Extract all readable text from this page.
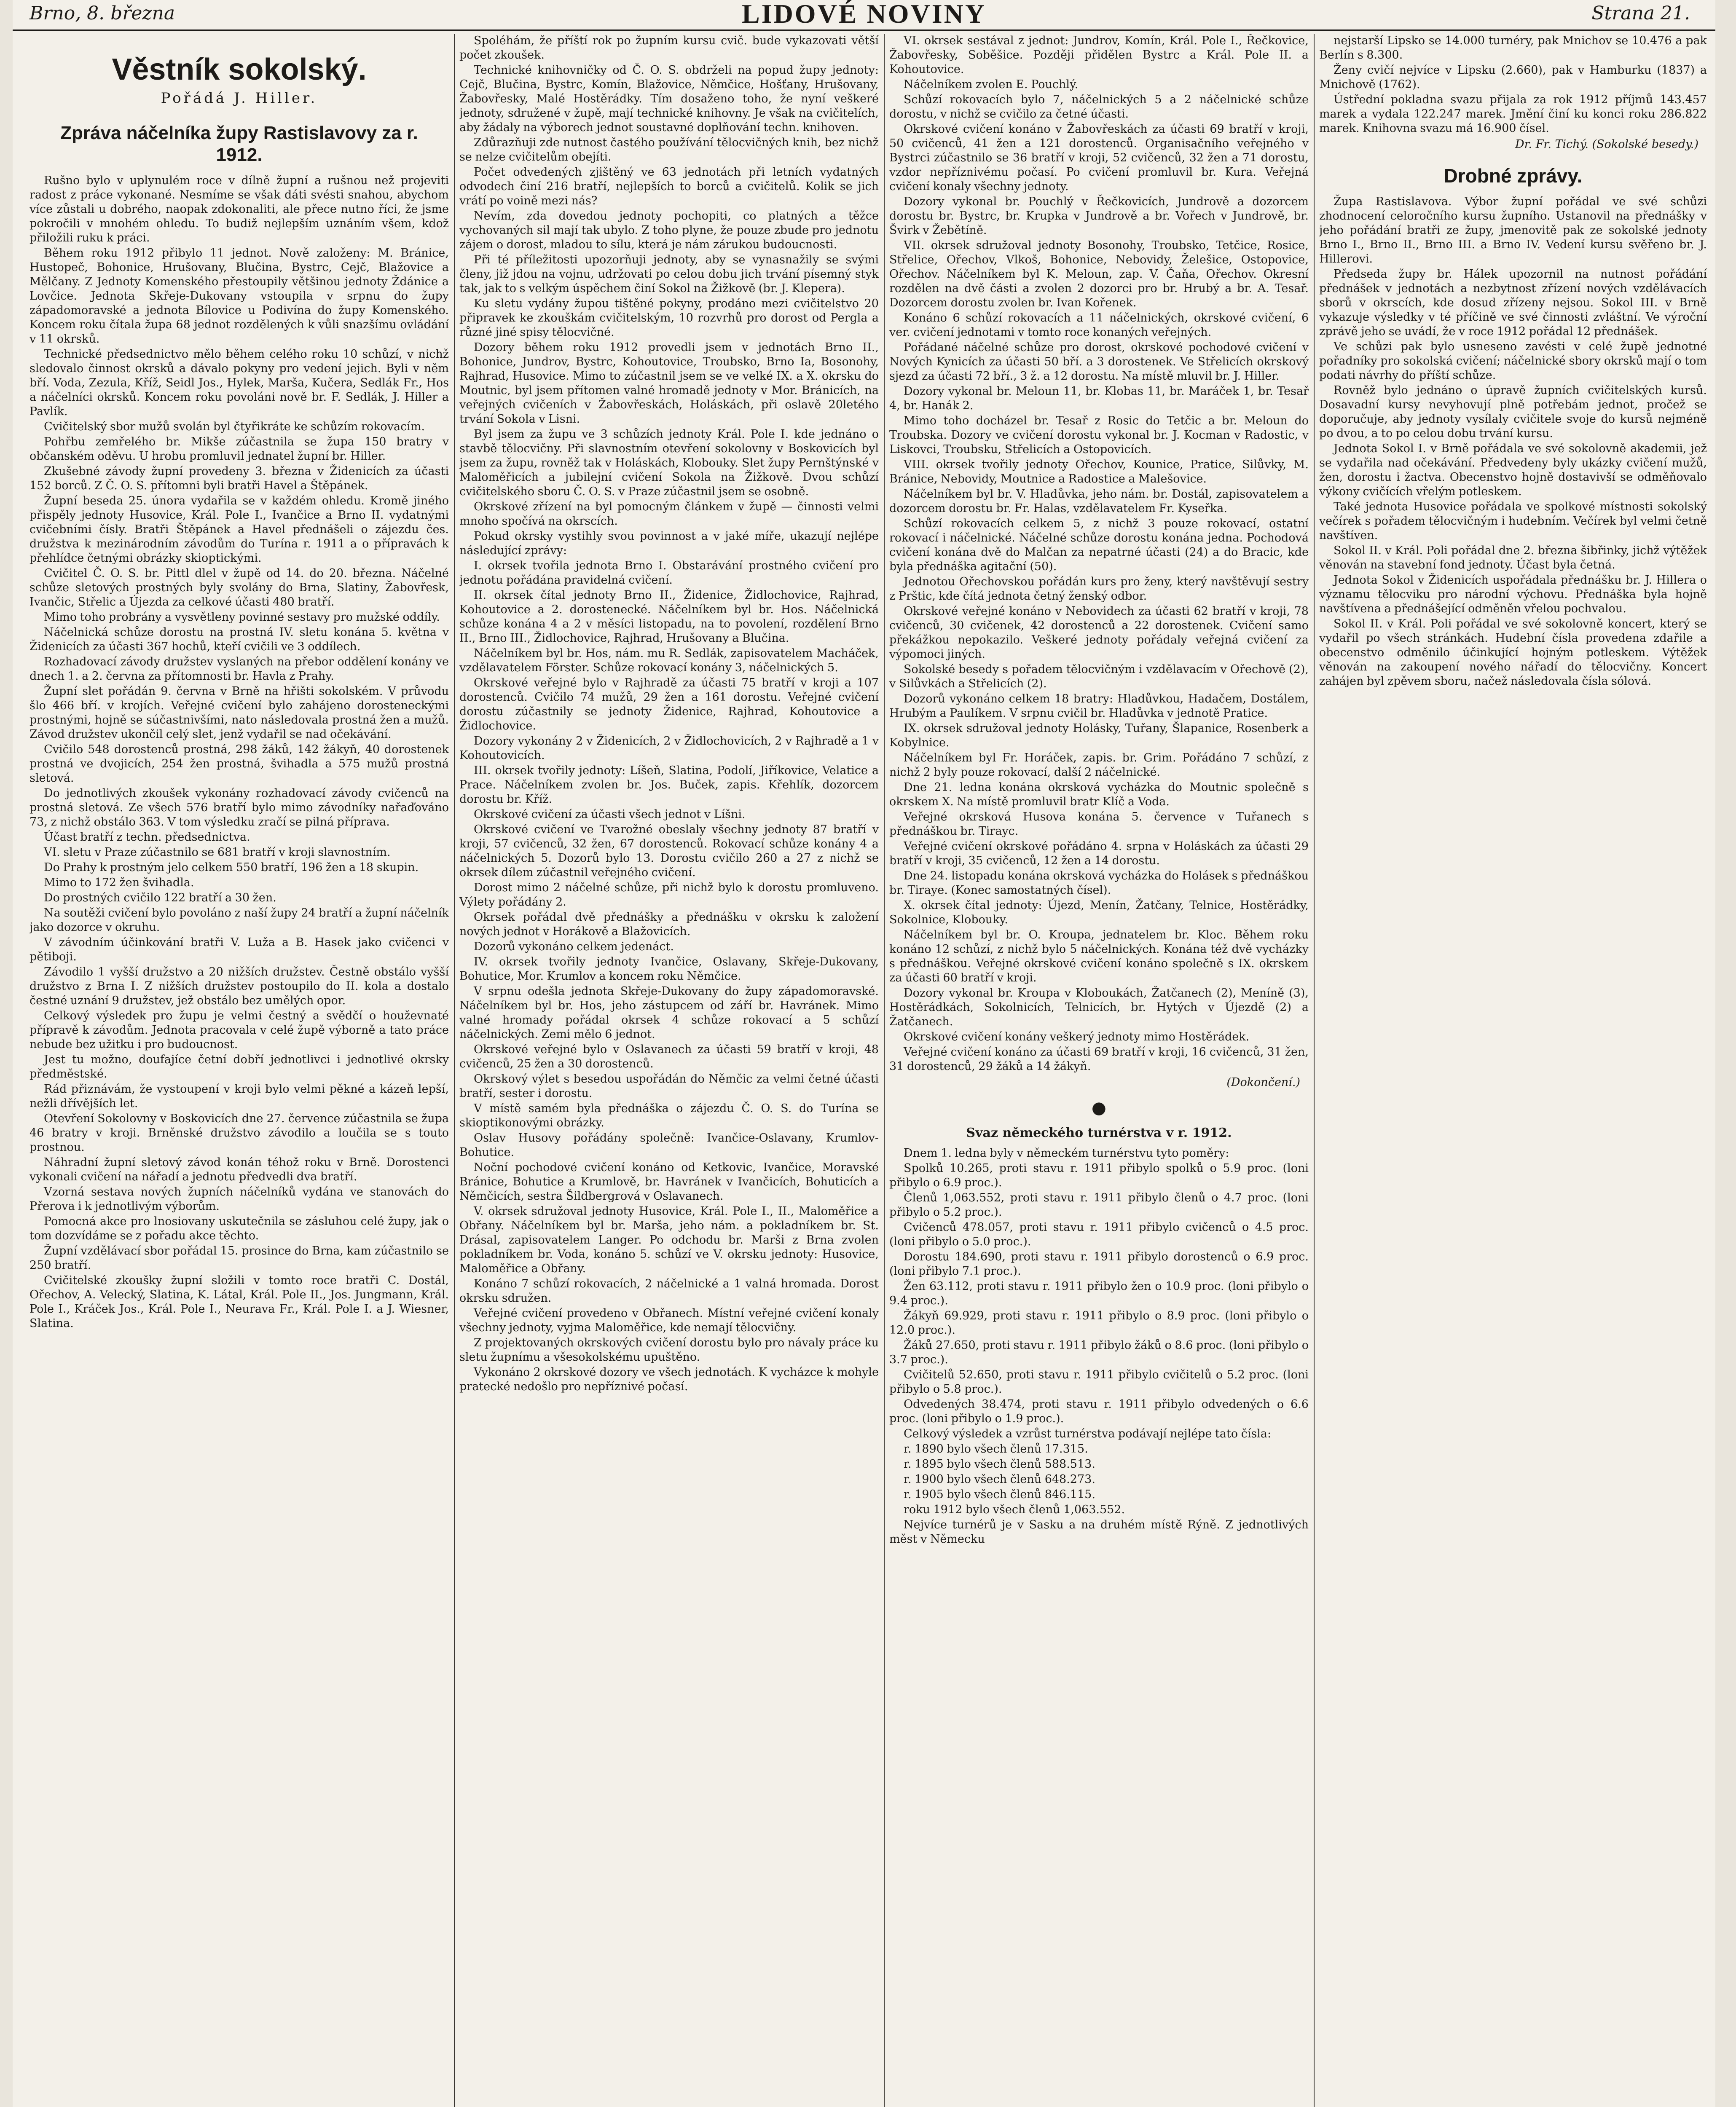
Brno, 8. března	LIDOVÉ NOVINY	Strana 21.
Věstník sokolský.
Pořádá J. Hiller.
Zpráva náčelníka župy Rastislavovy za r. 1912.

Rušno bylo v uplynulém roce v dílně župní a rušnou než projeviti radost z práce vykonané. Nesmíme se však dáti svésti snahou, abychom více zůstali u dobrého, naopak zdokonaliti, ale přece nutno říci, že jsme pokročili v mnohém ohledu. To budiž nejlepším uznáním všem, kdož přiložili ruku k práci.

Během roku 1912 přibylo 11 jednot. Nově založeny: M. Bránice, Hustopeč, Bohonice, Hrušovany, Blučina, Bystrc, Cejč, Blažovice a Mělčany. Z Jednoty Komenského přestoupily většinou jednoty Ždánice a Lovčice. Jednota Skřeje-Dukovany vstoupila v srpnu do župy západomoravské a jednota Bílovice u Podivína do župy Komenského. Koncem roku čítala župa 68 jednot rozdělených k vůli snazšímu ovládání v 11 okrsků.

Technické předsednictvo mělo během celého roku 10 schůzí, v nichž sledovalo činnost okrsků a dávalo pokyny pro vedení jejich. Byli v něm bří. Voda, Zezula, Kříž, Seidl Jos., Hylek, Marša, Kučera, Sedlák Fr., Hos a náčelníci okrsků. Koncem roku povoláni nově br. F. Sedlák, J. Hiller a Pavlík.

Cvičitelský sbor mužů svolán byl čtyřikráte ke schůzím rokovacím.

Pohřbu zemřelého br. Mikše zúčastnila se župa 150 bratry v občanském oděvu. U hrobu promluvil jednatel župní br. Hiller.

Zkušebné závody župní provedeny 3. března v Židenicích za účasti 152 borců. Z Č. O. S. přítomni byli bratři Havel a Štěpánek.

Župní beseda 25. února vydařila se v každém ohledu. Kromě jiného přispěly jednoty Husovice, Král. Pole I., Ivančice a Brno II. vydatnými cvičebními čísly. Bratři Štěpánek a Havel přednášeli o zájezdu čes. družstva k mezinárodním závodům do Turína r. 1911 a o přípravách k přehlídce četnými obrázky skioptickými.

Cvičitel Č. O. S. br. Pittl dlel v župě od 14. do 20. března. Náčelné schůze sletových prostných byly svolány do Brna, Slatiny, Žabovřesk, Ivančic, Střelic a Újezda za celkové účasti 480 bratří.

Mimo toho probrány a vysvětleny povinné sestavy pro mužské oddíly.

Náčelnická schůze dorostu na prostná IV. sletu konána 5. května v Židenicích za účasti 367 hochů, kteří cvičili ve 3 oddílech.

Rozhadovací závody družstev vyslaných na přebor oddělení konány ve dnech 1. a 2. června za přítomnosti br. Havla z Prahy.

Župní slet pořádán 9. června v Brně na hřišti sokolském. V průvodu šlo 466 bří. v krojích. Veřejné cvičení bylo zahájeno dorosteneckými prostnými, hojně se súčastnivšími, nato následovala prostná žen a mužů. Závod družstev ukončil celý slet, jenž vydařil se nad očekávání.

Cvičilo 548 dorostenců prostná, 298 žáků, 142 žákyň, 40 dorostenek prostná ve dvojicích, 254 žen prostná, švihadla a 575 mužů prostná sletová.

Do jednotlivých zkoušek vykonány rozhadovací závody cvičenců na prostná sletová. Ze všech 576 bratří bylo mimo závodníky nařaďováno 73, z nichž obstálo 363. V tom výsledku zračí se pilná příprava.

Účast bratří z techn. předsednictva.

VI. sletu v Praze zúčastnilo se 681 bratří v kroji slavnostním.

Do Prahy k prostným jelo celkem 550 bratří, 196 žen a 18 skupin.

Mimo to 172 žen švihadla.

Do prostných cvičilo 122 bratří a 30 žen.

Na soutěži cvičení bylo povoláno z naší župy 24 bratří a župní náčelník jako dozorce v okruhu.

V závodním účinkování bratři V. Luža a B. Hasek jako cvičenci v pětiboji.

Závodilo 1 vyšší družstvo a 20 nižších družstev. Čestně obstálo vyšší družstvo z Brna I. Z nižších družstev postoupilo do II. kola a dostalo čestné uznání 9 družstev, jež obstálo bez umělých opor.

Celkový výsledek pro župu je velmi čestný a svědčí o houževnaté přípravě k závodům. Jednota pracovala v celé župě výborně a tato práce nebude bez užitku i pro budoucnost.

Jest tu možno, doufajíce četní dobří jednotlivci i jednotlivé okrsky předměstské.

Rád přiznávám, že vystoupení v kroji bylo velmi pěkné a kázeň lepší, nežli dřívějších let.

Otevření Sokolovny v Boskovicích dne 27. července zúčastnila se župa 46 bratry v kroji. Brněnské družstvo závodilo a loučila se s touto prostnou.

Náhradní župní sletový závod konán téhož roku v Brně. Dorostenci vykonali cvičení na nářadí a jednotu předvedli dva bratří.

Vzorná sestava nových župních náčelníků vydána ve stanovách do Přerova i k jednotlivým výborům.

Pomocná akce pro lnosiovany uskutečnila se zásluhou celé župy, jak o tom dozvídáme se z pořadu akce těchto.

Župní vzdělávací sbor pořádal 15. prosince do Brna, kam zúčastnilo se 250 bratří.

Cvičitelské zkoušky župní složili v tomto roce bratři C. Dostál, Ořechov, A. Velecký, Slatina, K. Látal, Král. Pole II., Jos. Jungmann, Král. Pole I., Kráček Jos., Král. Pole I., Neurava Fr., Král. Pole I. a J. Wiesner, Slatina.

Spoléhám, že příští rok po župním kursu cvič. bude vykazovati větší počet zkoušek.

Technické knihovničky od Č. O. S. obdrželi na popud župy jednoty: Cejč, Blučina, Bystrc, Komín, Blažovice, Němčice, Hošťany, Hrušovany, Žabovřesky, Malé Hostěrádky. Tím dosaženo toho, že nyní veškeré jednoty, sdružené v župě, mají technické knihovny. Je však na cvičitelích, aby žádaly na výborech jednot soustavné doplňování techn. knihoven.

Zdůrazňuji zde nutnost častého používání tělocvičných knih, bez nichž se nelze cvičitelům obejíti.

Počet odvedených zjištěný ve 63 jednotách při letních vydatných odvodech činí 216 bratří, nejlepších to borců a cvičitelů. Kolik se jich vrátí po voině mezi nás?

Nevím, zda dovedou jednoty pochopiti, co platných a těžce vychovaných sil mají tak ubylo. Z toho plyne, že pouze zbude pro jednotu zájem o dorost, mladou to sílu, která je nám zárukou budoucnosti.

Při té příležitosti upozorňuji jednoty, aby se vynasnažily se svými členy, již jdou na vojnu, udržovati po celou dobu jich trvání písemný styk tak, jak to s velkým úspěchem činí Sokol na Žižkově (br. J. Klepera).

Ku sletu vydány župou tištěné pokyny, prodáno mezi cvičitelstvo 20 připravek ke zkouškám cvičitelským, 10 rozvrhů pro dorost od Pergla a různé jiné spisy tělocvičné.

Dozory během roku 1912 provedli jsem v jednotách Brno II., Bohonice, Jundrov, Bystrc, Kohoutovice, Troubsko, Brno Ia, Bosonohy, Rajhrad, Husovice. Mimo to zúčastnil jsem se ve velké IX. a X. okrsku do Moutnic, byl jsem přítomen valné hromadě jednoty v Mor. Bránicích, na veřejných cvičeních v Žabovřeskách, Holáskách, při oslavě 20letého trvání Sokola v Lisni.

Byl jsem za župu ve 3 schůzích jednoty Král. Pole I. kde jednáno o stavbě tělocvičny. Při slavnostním otevření sokolovny v Boskovicích byl jsem za župu, rovněž tak v Holáskách, Klobouky. Slet župy Pernštýnské v Maloměřicích a jubilejní cvičení Sokola na Žižkově. Dvou schůzí cvičitelského sboru Č. O. S. v Praze zúčastnil jsem se osobně.

Okrskové zřízení na byl pomocným článkem v župě — činnosti velmi mnoho spočívá na okrscích.

Pokud okrsky vystihly svou povinnost a v jaké míře, ukazují nejlépe následující zprávy:

I. okrsek tvořila jednota Brno I. Obstarávání prostného cvičení pro jednotu pořádána pravidelná cvičení.

II. okrsek čítal jednoty Brno II., Židenice, Židlochovice, Rajhrad, Kohoutovice a 2. dorostenecké. Náčelníkem byl br. Hos. Náčelnická schůze konána 4 a 2 v měsíci listopadu, na to povolení, rozdělení Brno II., Brno III., Židlochovice, Rajhrad, Hrušovany a Blučina.

Náčelníkem byl br. Hos, nám. mu R. Sedlák, zapisovatelem Macháček, vzdělavatelem Förster. Schůze rokovací konány 3, náčelnických 5.

Okrskové veřejné bylo v Rajhradě za účasti 75 bratří v kroji a 107 dorostenců. Cvičilo 74 mužů, 29 žen a 161 dorostu. Veřejné cvičení dorostu zúčastnily se jednoty Židenice, Rajhrad, Kohoutovice a Židlochovice.

Dozory vykonány 2 v Židenicích, 2 v Židlochovicích, 2 v Rajhradě a 1 v Kohoutovicích.

III. okrsek tvořily jednoty: Líšeň, Slatina, Podolí, Jiříkovice, Velatice a Prace. Náčelníkem zvolen br. Jos. Buček, zapis. Křehlík, dozorcem dorostu br. Kříž.

Okrskové cvičení za účasti všech jednot v Líšni.

Okrskové cvičení ve Tvarožné obeslaly všechny jednoty 87 bratří v kroji, 57 cvičenců, 32 žen, 67 dorostenců. Rokovací schůze konány 4 a náčelnických 5. Dozorů bylo 13. Dorostu cvičilo 260 a 27 z nichž se okrsek dílem zúčastnil veřejného cvičení.

Dorost mimo 2 náčelné schůze, při nichž bylo k dorostu promluveno. Výlety pořádány 2.

Okrsek pořádal dvě přednášky a přednášku v okrsku k založení nových jednot v Horákově a Blažovicích.

Dozorů vykonáno celkem jedenáct.

IV. okrsek tvořily jednoty Ivančice, Oslavany, Skřeje-Dukovany, Bohutice, Mor. Krumlov a koncem roku Němčice.

V srpnu odešla jednota Skřeje-Dukovany do župy západomoravské. Náčelníkem byl br. Hos, jeho zástupcem od září br. Havránek. Mimo valné hromady pořádal okrsek 4 schůze rokovací a 5 schůzí náčelnických. Zemi mělo 6 jednot.

Okrskové veřejné bylo v Oslavanech za účasti 59 bratří v kroji, 48 cvičenců, 25 žen a 30 dorostenců.

Okrskový výlet s besedou uspořádán do Němčic za velmi četné účasti bratří, sester i dorostu.

V místě samém byla přednáška o zájezdu Č. O. S. do Turína se skioptikonovými obrázky.

Oslav Husovy pořádány společně: Ivančice-Oslavany, Krumlov-Bohutice.

Noční pochodové cvičení konáno od Ketkovic, Ivančice, Moravské Bránice, Bohutice a Krumlově, br. Havránek v Ivančicích, Bohuticích a Němčicích, sestra Šildbergrová v Oslavanech.

V. okrsek sdružoval jednoty Husovice, Král. Pole I., II., Maloměřice a Obřany. Náčelníkem byl br. Marša, jeho nám. a pokladníkem br. St. Drásal, zapisovatelem Langer. Po odchodu br. Marši z Brna zvolen pokladníkem br. Voda, konáno 5. schůzí ve V. okrsku jednoty: Husovice, Maloměřice a Obřany.

Konáno 7 schůzí rokovacích, 2 náčelnické a 1 valná hromada. Dorost okrsku sdružen.

Veřejné cvičení provedeno v Obřanech. Místní veřejné cvičení konaly všechny jednoty, vyjma Maloměřice, kde nemají tělocvičny.

Z projektovaných okrskových cvičení dorostu bylo pro návaly práce ku sletu župnímu a všesokolskému upuštěno.

Vykonáno 2 okrskové dozory ve všech jednotách. K vycházce k mohyle pratecké nedošlo pro nepříznivé počasí.

VI. okrsek sestával z jednot: Jundrov, Komín, Král. Pole I., Řečkovice, Žabovřesky, Soběšice. Později přidělen Bystrc a Král. Pole II. a Kohoutovice.

Náčelníkem zvolen E. Pouchlý.

Schůzí rokovacích bylo 7, náčelnických 5 a 2 náčelnické schůze dorostu, v nichž se cvičilo za četné účasti.

Okrskové cvičení konáno v Žabovřeskách za účasti 69 bratří v kroji, 50 cvičenců, 41 žen a 121 dorostenců. Organisačního veřejného v Bystrci zúčastnilo se 36 bratří v kroji, 52 cvičenců, 32 žen a 71 dorostu, vzdor nepříznivému počasí. Po cvičení promluvil br. Kura. Veřejná cvičení konaly všechny jednoty.

Dozory vykonal br. Pouchlý v Řečkovicích, Jundrově a dozorcem dorostu br. Bystrc, br. Krupka v Jundrově a br. Vořech v Jundrově, br. Švirk v Žebětíně.

VII. okrsek sdružoval jednoty Bosonohy, Troubsko, Tetčice, Rosice, Střelice, Ořechov, Vlkoš, Bohonice, Nebovidy, Želešice, Ostopovice, Ořechov. Náčelníkem byl K. Meloun, zap. V. Čaňa, Ořechov. Okresní rozdělen na dvě části a zvolen 2 dozorci pro br. Hrubý a br. A. Tesař. Dozorcem dorostu zvolen br. Ivan Kořenek.

Konáno 6 schůzí rokovacích a 11 náčelnických, okrskové cvičení, 6 ver. cvičení jednotami v tomto roce konaných veřejných.

Pořádané náčelné schůze pro dorost, okrskové pochodové cvičení v Nových Kynicích za účasti 50 bří. a 3 dorostenek. Ve Střelicích okrskový sjezd za účasti 72 bří., 3 ž. a 12 dorostu. Na místě mluvil br. J. Hiller.

Dozory vykonal br. Meloun 11, br. Klobas 11, br. Maráček 1, br. Tesař 4, br. Hanák 2.

Mimo toho docházel br. Tesař z Rosic do Tetčic a br. Meloun do Troubska. Dozory ve cvičení dorostu vykonal br. J. Kocman v Radostic, v Liskovci, Troubsku, Střelicích a Ostopovicích.

VIII. okrsek tvořily jednoty Ořechov, Kounice, Pratice, Silůvky, M. Bránice, Nebovidy, Moutnice a Radostice a Malešovice.

Náčelníkem byl br. V. Hladůvka, jeho nám. br. Dostál, zapisovatelem a dozorcem dorostu br. Fr. Halas, vzdělavatelem Fr. Kyseřka.

Schůzí rokovacích celkem 5, z nichž 3 pouze rokovací, ostatní rokovací i náčelnické. Náčelné schůze dorostu konána jedna. Pochodová cvičení konána dvě do Malčan za nepatrné účasti (24) a do Bracic, kde byla přednáška agitační (50).

Jednotou Ořechovskou pořádán kurs pro ženy, který navštěvují sestry z Prštic, kde čítá jednota četný ženský odbor.

Okrskové veřejné konáno v Nebovidech za účasti 62 bratří v kroji, 78 cvičenců, 30 cvičenek, 42 dorostenců a 22 dorostenek. Cvičení samo překážkou nepokazilo. Veškeré jednoty pořádaly veřejná cvičení za výpomoci jiných.

Sokolské besedy s pořadem tělocvičným i vzdělavacím v Ořechově (2), v Silůvkách a Střelicích (2).

Dozorů vykonáno celkem 18 bratry: Hladůvkou, Hadačem, Dostálem, Hrubým a Paulíkem. V srpnu cvičil br. Hladůvka v jednotě Pratice.

IX. okrsek sdružoval jednoty Holásky, Tuřany, Šlapanice, Rosenberk a Kobylnice.

Náčelníkem byl Fr. Horáček, zapis. br. Grim. Pořádáno 7 schůzí, z nichž 2 byly pouze rokovací, další 2 náčelnické.

Dne 21. ledna konána okrsková vycházka do Moutnic společně s okrskem X. Na místě promluvil bratr Klíč a Voda.

Veřejné okrsková Husova konána 5. července v Tuřanech s přednáškou br. Tirayc.

Veřejné cvičení okrskové pořádáno 4. srpna v Holáskách za účasti 29 bratří v kroji, 35 cvičenců, 12 žen a 14 dorostu.

Dne 24. listopadu konána okrsková vycházka do Holásek s přednáškou br. Tiraye. (Konec samostatných čísel).

X. okrsek čítal jednoty: Újezd, Menín, Žatčany, Telnice, Hostěrádky, Sokolnice, Klobouky.

Náčelníkem byl br. O. Kroupa, jednatelem br. Kloc. Během roku konáno 12 schůzí, z nichž bylo 5 náčelnických. Konána též dvě vycházky s přednáškou. Veřejné okrskové cvičení konáno společně s IX. okrskem za účasti 60 bratří v kroji.

Dozory vykonal br. Kroupa v Kloboukách, Žatčanech (2), Meníně (3), Hostěrádkách, Sokolnicích, Telnicích, br. Hytých v Újezdě (2) a Žatčanech.

Okrskové cvičení konány veškerý jednoty mimo Hostěrádek.

Veřejné cvičení konáno za účasti 69 bratří v kroji, 16 cvičenců, 31 žen, 31 dorostenců, 29 žáků a 14 žákyň.

(Dokončení.)
●
Svaz německého turnérstva v r. 1912.

Dnem 1. ledna byly v německém turnérstvu tyto poměry:

Spolků 10.265, proti stavu r. 1911 přibylo spolků o 5.9 proc. (loni přibylo o 6.9 proc.).

Členů 1,063.552, proti stavu r. 1911 přibylo členů o 4.7 proc. (loni přibylo o 5.2 proc.).

Cvičenců 478.057, proti stavu r. 1911 přibylo cvičenců o 4.5 proc. (loni přibylo o 5.0 proc.).

Dorostu 184.690, proti stavu r. 1911 přibylo dorostenců o 6.9 proc. (loni přibylo 7.1 proc.).

Žen 63.112, proti stavu r. 1911 přibylo žen o 10.9 proc. (loni přibylo o 9.4 proc.).

Žákyň 69.929, proti stavu r. 1911 přibylo o 8.9 proc. (loni přibylo o 12.0 proc.).

Žáků 27.650, proti stavu r. 1911 přibylo žáků o 8.6 proc. (loni přibylo o 3.7 proc.).

Cvičitelů 52.650, proti stavu r. 1911 přibylo cvičitelů o 5.2 proc. (loni přibylo o 5.8 proc.).

Odvedených 38.474, proti stavu r. 1911 přibylo odvedených o 6.6 proc. (loni přibylo o 1.9 proc.).

Celkový výsledek a vzrůst turnérstva podávají nejlépe tato čísla:

r. 1890 bylo všech členů 17.315.

r. 1895 bylo všech členů 588.513.

r. 1900 bylo všech členů 648.273.

r. 1905 bylo všech členů 846.115.

roku 1912 bylo všech členů 1,063.552.

Nejvíce turnérů je v Sasku a na druhém místě Rýně. Z jednotlivých měst v Německu

nejstarší Lipsko se 14.000 turnéry, pak Mnichov se 10.476 a pak Berlín s 8.300.

Ženy cvičí nejvíce v Lipsku (2.660), pak v Hamburku (1837) a Mnichově (1762).

Ústřední pokladna svazu přijala za rok 1912 příjmů 143.457 marek a vydala 122.247 marek. Jmění činí ku konci roku 286.822 marek. Knihovna svazu má 16.900 čísel.

Dr. Fr. Tichý. (Sokolské besedy.)
Drobné zprávy.

Župa Rastislavova. Výbor župní pořádal ve své schůzi zhodnocení celoročního kursu župního. Ustanovil na přednášky v jeho pořádání bratři ze župy, jmenovitě pak ze sokolské jednoty Brno I., Brno II., Brno III. a Brno IV. Vedení kursu svěřeno br. J. Hillerovi.

Předseda župy br. Hálek upozornil na nutnost pořádání přednášek v jednotách a nezbytnost zřízení nových vzdělávacích sborů v okrscích, kde dosud zřízeny nejsou. Sokol III. v Brně vykazuje výsledky v té příčině ve své činnosti zvláštní. Ve výroční zprávě jeho se uvádí, že v roce 1912 pořádal 12 přednášek.

Ve schůzi pak bylo usneseno zavésti v celé župě jednotné pořadníky pro sokolská cvičení; náčelnické sbory okrsků mají o tom podati návrhy do příští schůze.

Rovněž bylo jednáno o úpravě župních cvičitelských kursů. Dosavadní kursy nevyhovují plně potřebám jednot, pročež se doporučuje, aby jednoty vysílaly cvičitele svoje do kursů nejméně po dvou, a to po celou dobu trvání kursu.

Jednota Sokol I. v Brně pořádala ve své sokolovně akademii, jež se vydařila nad očekávání. Předvedeny byly ukázky cvičení mužů, žen, dorostu i žactva. Obecenstvo hojně dostavivší se odměňovalo výkony cvičících vřelým potleskem.

Také jednota Husovice pořádala ve spolkové místnosti sokolský večírek s pořadem tělocvičným i hudebním. Večírek byl velmi četně navštíven.

Sokol II. v Král. Poli pořádal dne 2. března šibřinky, jichž výtěžek věnován na stavební fond jednoty. Účast byla četná.

Jednota Sokol v Židenicích uspořádala přednášku br. J. Hillera o významu tělocviku pro národní výchovu. Přednáška byla hojně navštívena a přednášející odměněn vřelou pochvalou.

Sokol II. v Král. Poli pořádal ve své sokolovně koncert, který se vydařil po všech stránkách. Hudební čísla provedena zdařile a obecenstvo odměnilo účinkující hojným potleskem. Výtěžek věnován na zakoupení nového nářadí do tělocvičny. Koncert zahájen byl zpěvem sboru, načež následovala čísla sólová.
